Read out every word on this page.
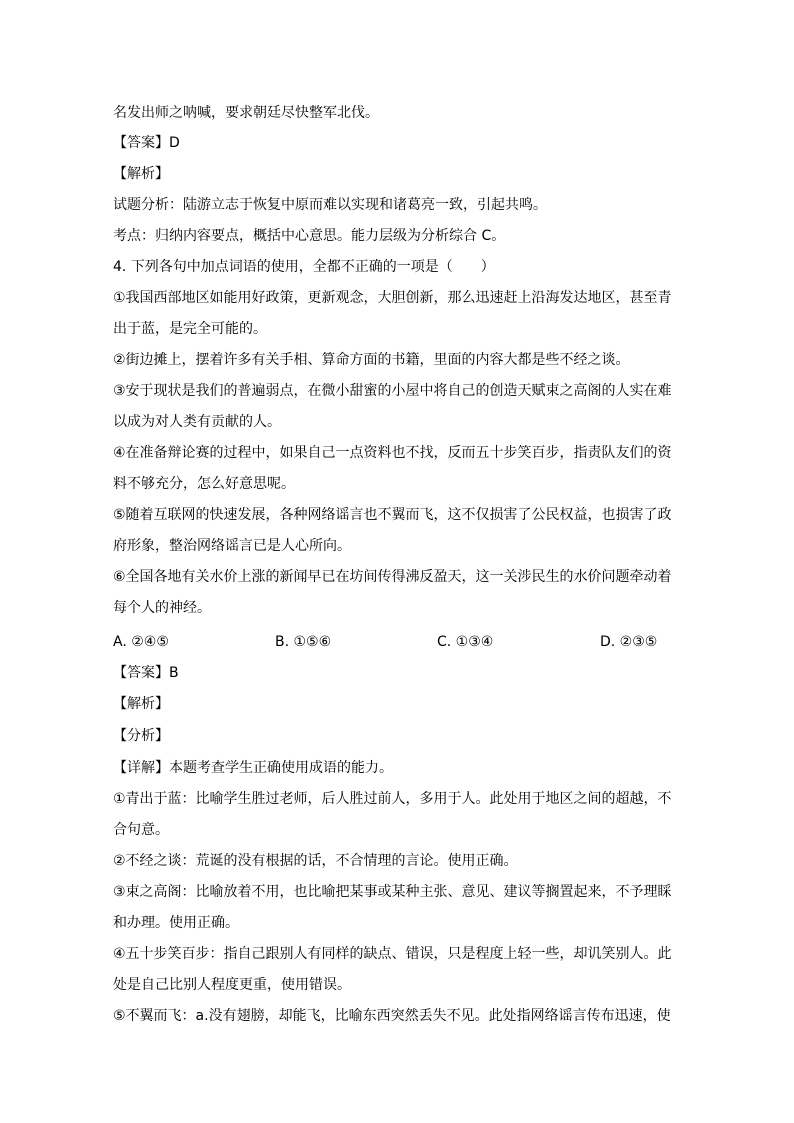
名发出师之呐喊，要求朝廷尽快整军北伐。
【答案】D
【解析】
试题分析：陆游立志于恢复中原而难以实现和诸葛亮一致，引起共鸣。
考点：归纳内容要点，概括中心意思。能力层级为分析综合 C。
4. 下列各句中加点词语的使用，全都不正确的一项是（　　）
①我国西部地区如能用好政策，更新观念，大胆创新，那么迅速赶上沿海发达地区，甚至青
出于蓝，是完全可能的。
②街边摊上，摆着许多有关手相、算命方面的书籍，里面的内容大都是些不经之谈。
③安于现状是我们的普遍弱点，在微小甜蜜的小屋中将自己的创造天赋束之高阁的人实在难
以成为对人类有贡献的人。
④在准备辩论赛的过程中，如果自己一点资料也不找，反而五十步笑百步，指责队友们的资
料不够充分，怎么好意思呢。
⑤随着互联网的快速发展，各种网络谣言也不翼而飞，这不仅损害了公民权益，也损害了政
府形象，整治网络谣言已是人心所向。
⑥全国各地有关水价上涨的新闻早已在坊间传得沸反盈天，这一关涉民生的水价问题牵动着
每个人的神经。
A. ②④⑤	B. ①⑤⑥	C. ①③④	D. ②③⑤
【答案】B
【解析】
【分析】
【详解】本题考查学生正确使用成语的能力。
①青出于蓝：比喻学生胜过老师，后人胜过前人，多用于人。此处用于地区之间的超越，不
合句意。
②不经之谈：荒诞的没有根据的话，不合情理的言论。使用正确。
③束之高阁：比喻放着不用，也比喻把某事或某种主张、意见、建议等搁置起来，不予理睬
和办理。使用正确。
④五十步笑百步：指自己跟别人有同样的缺点、错误，只是程度上轻一些，却讥笑别人。此
处是自己比别人程度更重，使用错误。
⑤不翼而飞：a.没有翅膀，却能飞，比喻东西突然丢失不见。此处指网络谣言传布迅速，使
